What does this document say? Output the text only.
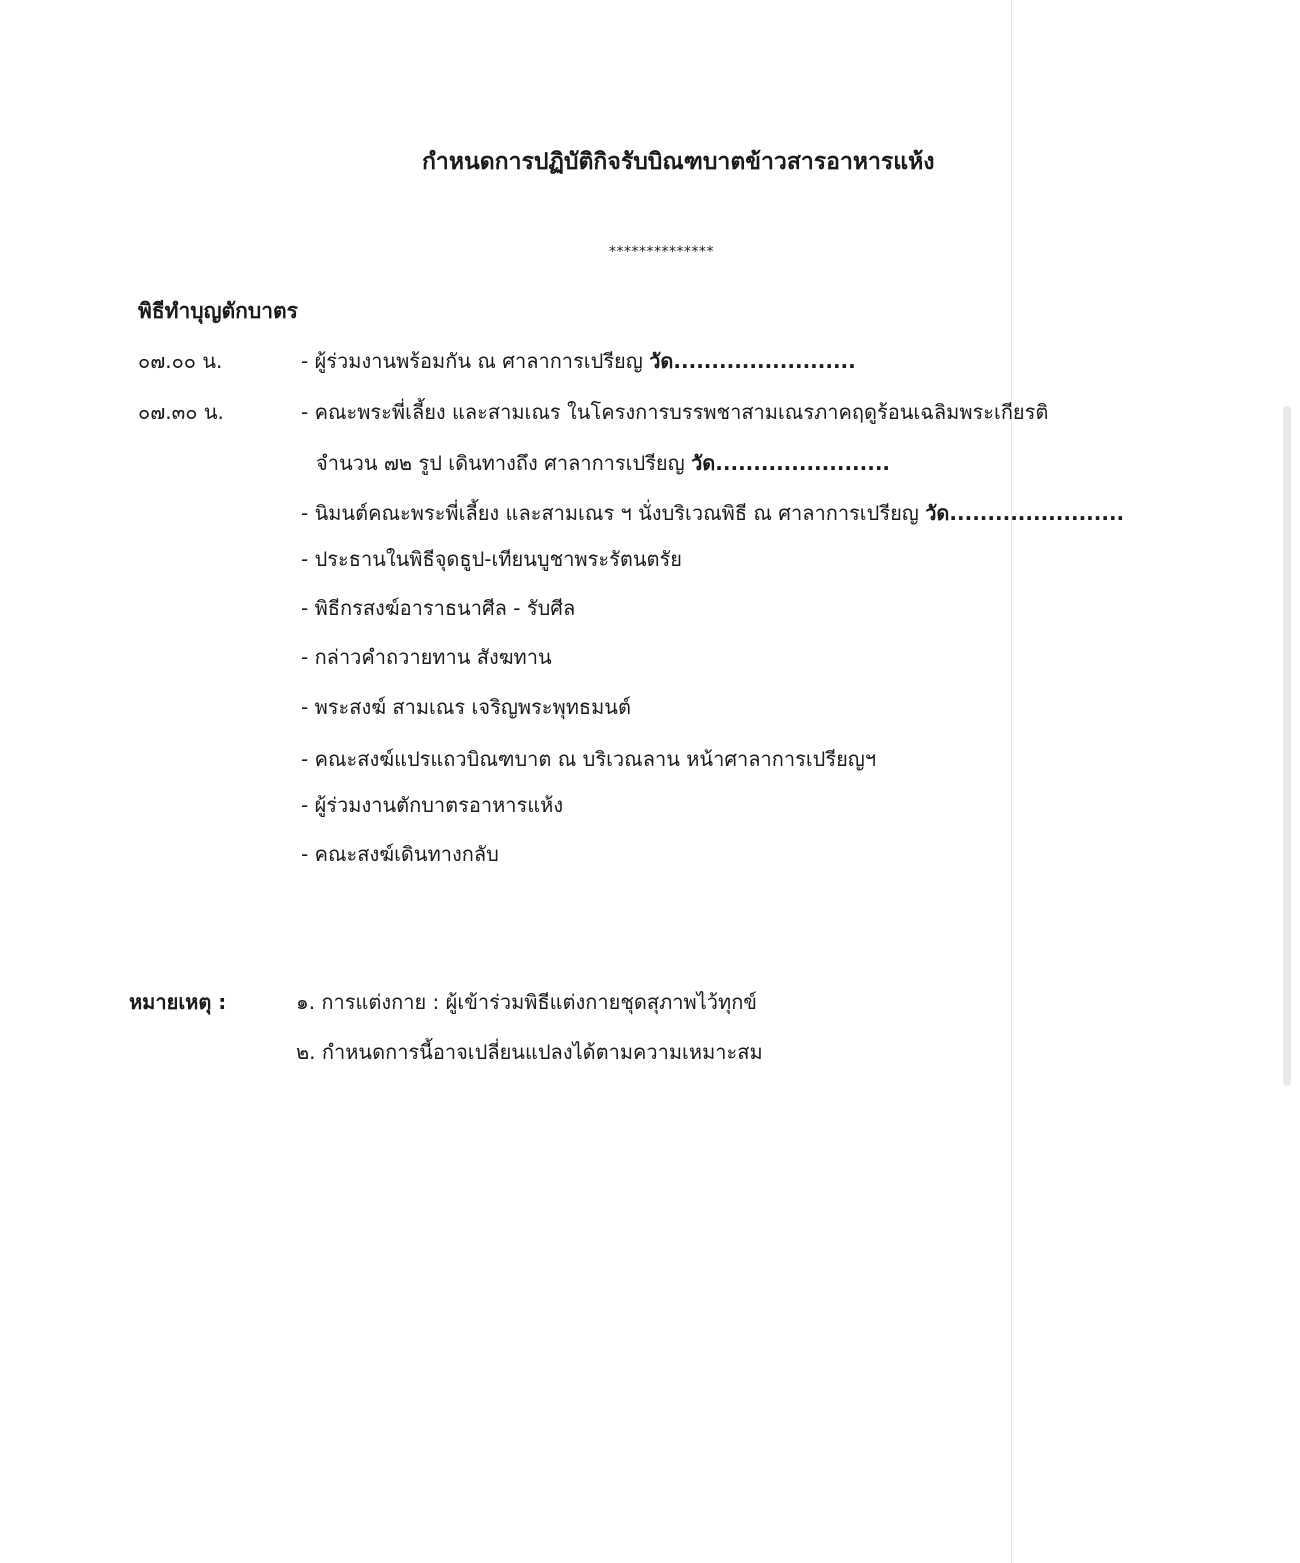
กำหนดการปฏิบัติกิจรับบิณฑบาตข้าวสารอาหารแห้ง
**************
พิธีทำบุญตักบาตร
๐๗.๐๐ น.	- ผู้ร่วมงานพร้อมกัน ณ ศาลาการเปรียญ วัด........................
๐๗.๓๐ น.	- คณะพระพี่เลี้ยง และสามเณร ในโครงการบรรพชาสามเณรภาคฤดูร้อนเฉลิมพระเกียรติ
จำนวน ๗๒ รูป เดินทางถึง ศาลาการเปรียญ วัด.......................
- นิมนต์คณะพระพี่เลี้ยง และสามเณร ฯ นั่งบริเวณพิธี ณ ศาลาการเปรียญ วัด.......................
- ประธานในพิธีจุดธูป-เทียนบูชาพระรัตนตรัย
- พิธีกรสงฆ์อาราธนาศีล - รับศีล
- กล่าวคำถวายทาน สังฆทาน
- พระสงฆ์ สามเณร เจริญพระพุทธมนต์
- คณะสงฆ์แปรแถวบิณฑบาต ณ บริเวณลาน หน้าศาลาการเปรียญฯ
- ผู้ร่วมงานตักบาตรอาหารแห้ง
- คณะสงฆ์เดินทางกลับ
หมายเหตุ :	๑. การแต่งกาย : ผู้เข้าร่วมพิธีแต่งกายชุดสุภาพไว้ทุกข์
๒. กำหนดการนี้อาจเปลี่ยนแปลงได้ตามความเหมาะสม
